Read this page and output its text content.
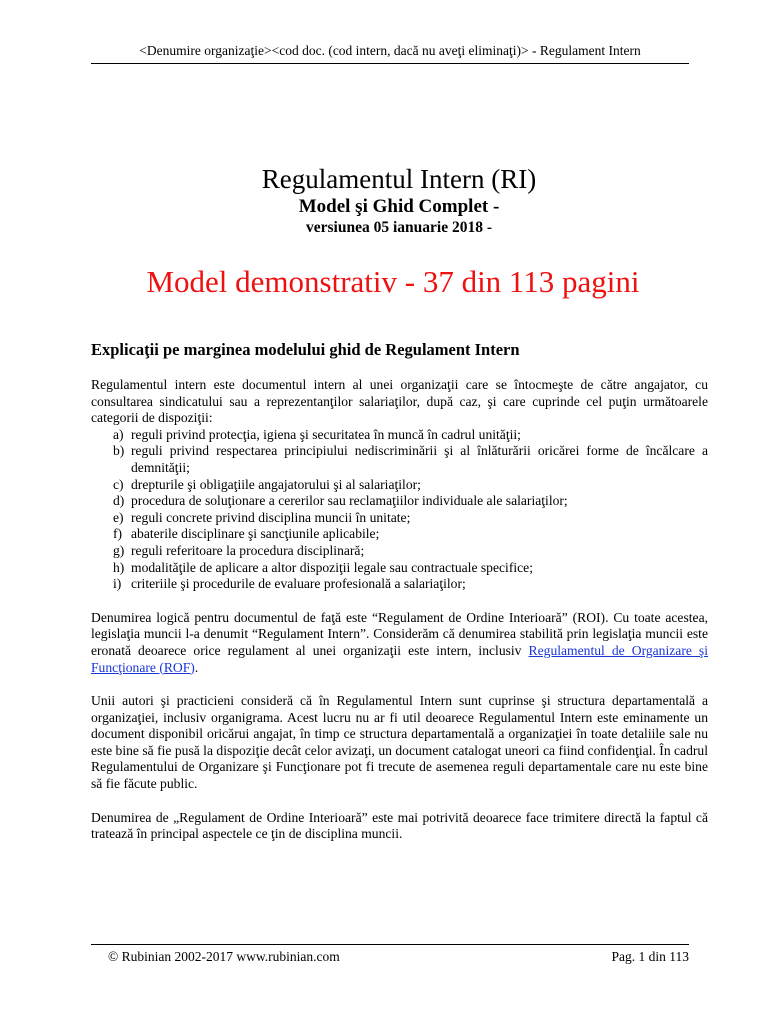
<Denumire organizaţie><cod doc. (cod intern, dacă nu aveţi eliminaţi)> - Regulament Intern
Regulamentul Intern (RI)
Model şi Ghid Complet -
versiunea 05 ianuarie 2018 -
Model demonstrativ - 37 din 113 pagini
Explicaţii pe marginea modelului ghid de Regulament Intern

Regulamentul intern este documentul intern al unei organizaţii care se întocmeşte de către angajator, cu consultarea sindicatului sau a reprezentanţilor salariaţilor, după caz, şi care cuprinde cel puţin următoarele categorii de dispoziţii:

a) reguli privind protecţia, igiena şi securitatea în muncă în cadrul unităţii;
b) reguli privind respectarea principiului nediscriminării şi al înlăturării oricărei forme de încălcare a demnităţii;
c) drepturile şi obligaţiile angajatorului şi al salariaţilor;
d) procedura de soluţionare a cererilor sau reclamaţiilor individuale ale salariaţilor;
e) reguli concrete privind disciplina muncii în unitate;
f) abaterile disciplinare şi sancţiunile aplicabile;
g) reguli referitoare la procedura disciplinară;
h) modalităţile de aplicare a altor dispoziţii legale sau contractuale specifice;
i) criteriile şi procedurile de evaluare profesională a salariaţilor;

Denumirea logică pentru documentul de faţă este “Regulament de Ordine Interioară” (ROI). Cu toate acestea, legislaţia muncii l-a denumit “Regulament Intern”. Considerăm că denumirea stabilită prin legislaţia muncii este eronată deoarece orice regulament al unei organizaţii este intern, inclusiv Regulamentul de Organizare şi Funcţionare (ROF).

Unii autori şi practicieni consideră că în Regulamentul Intern sunt cuprinse şi structura departamentală a organizaţiei, inclusiv organigrama. Acest lucru nu ar fi util deoarece Regulamentul Intern este eminamente un document disponibil oricărui angajat, în timp ce structura departamentală a organizaţiei în toate detaliile sale nu este bine să fie pusă la dispoziţie decât celor avizaţi, un document catalogat uneori ca fiind confidenţial. În cadrul Regulamentului de Organizare şi Funcţionare pot fi trecute de asemenea reguli departamentale care nu este bine să fie făcute public.

Denumirea de „Regulament de Ordine Interioară” este mai potrivită deoarece face trimitere directă la faptul că tratează în principal aspectele ce ţin de disciplina muncii.

© Rubinian 2002-2017 www.rubinian.com	Pag. 1 din 113
